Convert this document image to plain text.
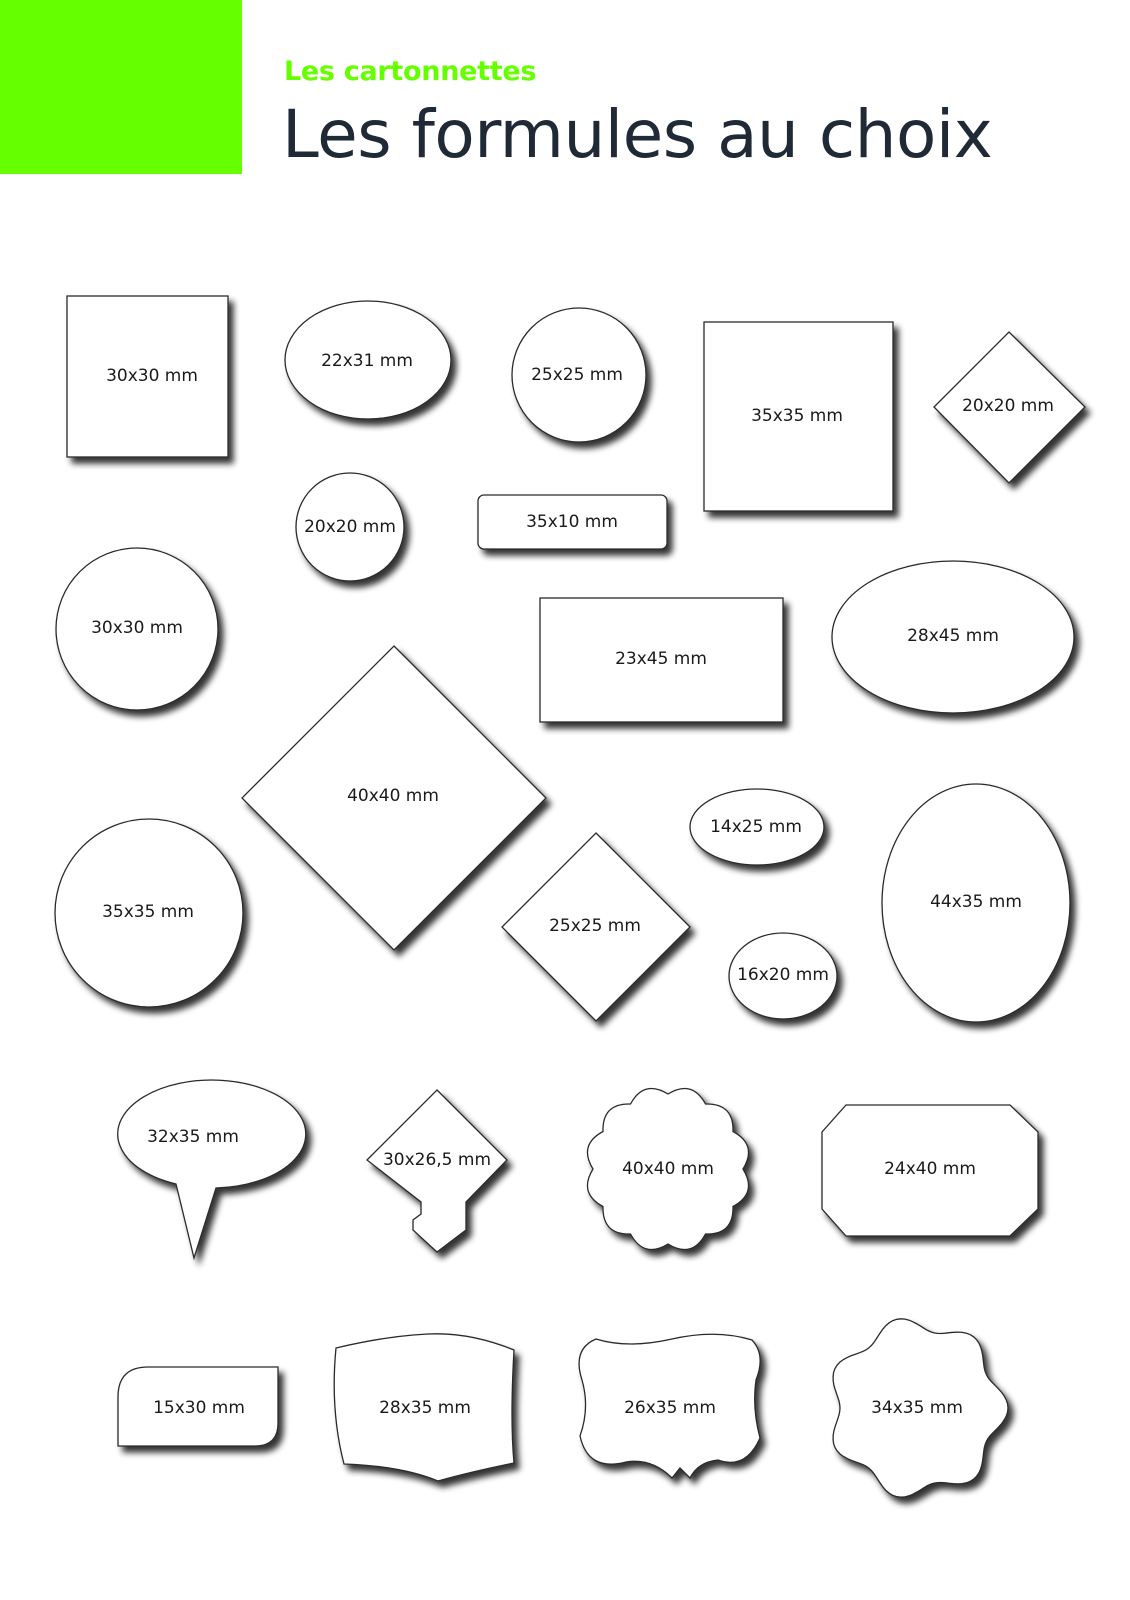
Les cartonnettes
Les formules au choix
30x30 mm
22x31 mm
25x25 mm
35x35 mm	20x20 mm
20x20 mm	35x10 mm
30x30 mm
23x45 mm
28x45 mm
40x40 mm
14x25 mm
35x35 mm	44x35 mm
25x25 mm
16x20 mm
32x35 mm
30x26,5 mm	40x40 mm	24x40 mm
15x30 mm	28x35 mm	26x35 mm	34x35 mm
